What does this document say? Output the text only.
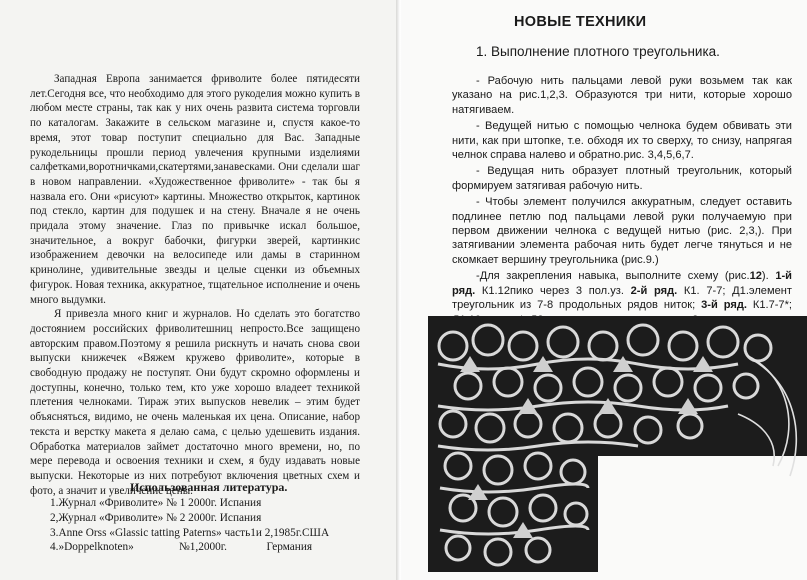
Западная Европа занимается фриволите более пятидесяти лет.Сегодня все, что необходимо для этого рукоделия можно купить в любом месте страны, так как у них очень развита система торговли по каталогам. Закажите в сельском магазине и, спустя какое-то время, этот товар поступит специально для Вас. Западные рукодельницы прошли период увлечения крупными изделиями салфетками,воротничками,скатертями,занавесками. Они сделали шаг в новом направлении. «Художественное фриволите» - так бы я назвала его. Они «рисуют» картины. Множество открыток, картинок под стекло, картин для подушек и на стену. Вначале я не очень придала этому значение. Глаз по привычке искал большое, значительное, а вокруг бабочки, фигурки зверей, картинкис изображением девочки на велосипеде или дамы в старинном кринолине, удивительные звезды и целые сценки из объемных фигурок. Новая техника, аккуратное, тщательное исполнение и очень много выдумки.

Я привезла много книг и журналов. Но сделать это богатство достоянием российских фриволитешниц непросто.Все защищено авторским правом.Поэтому я решила рискнуть и начать снова свои выпуски книжечек «Вяжем кружево фриволите», которые в свободную продажу не поступят. Они будут скромно оформлены и доступны, конечно, только тем, кто уже хорошо владеет техникой плетения челноками. Тираж этих выпусков невелик – этим будет объясняться, видимо, не очень маленькая их цена. Описание, набор текста и верстку макета я делаю сама, с целью удешевить издания. Обработка материалов займет достаточно много времени, но, по мере перевода и освоения техники и схем, я буду издавать новые выпуски. Некоторые из них потребуют включения цветных схем и фото, а значит и увеличение цены.

Использованная литература.
1.Журнал «Фриволите» № 1 2000г. Испания
2,Журнал «Фриволите» № 2 2000г. Испания
3.Anne Orss «Glassic tatting Paterns» часть1и 2,1985г.США
4.»Doppelknoten»                №1,2000г.              Германия
НОВЫЕ ТЕХНИКИ
1. Выполнение плотного треугольника.

- Рабочую нить пальцами левой руки возьмем так как указано на рис.1,2,3. Образуются три нити, которые хорошо натягиваем.

- Ведущей нитью с помощью челнока будем обвивать эти нити, как при штопке, т.е. обходя их то сверху, то снизу, напрягая челнок справа налево и обратно.рис. 3,4,5,6,7.

- Ведущая нить образует плотный треугольник, который формируем затягивая рабочую нить.

- Чтобы элемент получился аккуратным, следует оставить подлинее петлю под пальцами левой руки получаемую при первом движении челнока с ведущей нитью (рис. 2,3,). При затягивании элемента рабочая нить будет легче тянуться и не скомкает вершину треугольника (рис.9.)

-Для закрепления навыка, выполните схему (рис.12). 1-й ряд. К1.12пико через 3 пол.уз. 2-й ряд. К1. 7-7; Д1.элемент треугольник из 7-8 продольных рядов ниток; 3-й ряд. К1.7-7*;
